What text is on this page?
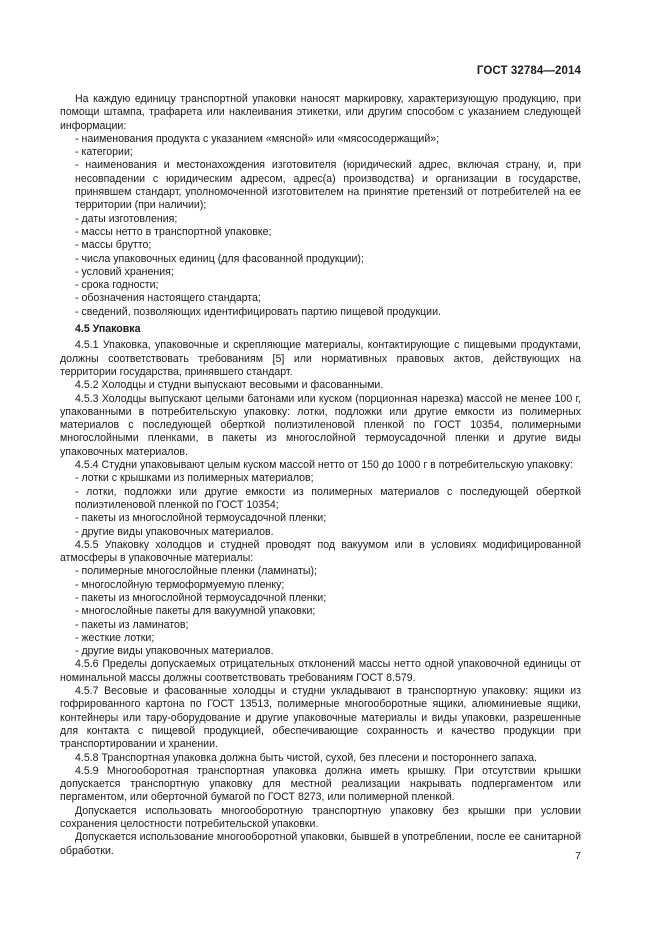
ГОСТ 32784—2014

На каждую единицу транспортной упаковки наносят маркировку, характеризующую продукцию, при помощи штампа, трафарета или наклеивания этикетки, или другим способом с указанием следующей информации:

- наименования продукта с указанием «мясной» или «мясосодержащий»;

- категории;

- наименования и местонахождения изготовителя (юридический адрес, включая страну, и, при несовпадении с юридическим адресом, адрес(а) производства) и организации в государстве, принявшем стандарт, уполномоченной изготовителем на принятие претензий от потребителей на ее территории (при наличии);

- даты изготовления;

- массы нетто в транспортной упаковке;

- массы брутто;

- числа упаковочных единиц (для фасованной продукции);

- условий хранения;

- срока годности;

- обозначения настоящего стандарта;

- сведений, позволяющих идентифицировать партию пищевой продукции.

4.5 Упаковка

4.5.1 Упаковка, упаковочные и скрепляющие материалы, контактирующие с пищевыми продуктами, должны соответствовать требованиям [5] или нормативных правовых актов, действующих на территории государства, принявшего стандарт.

4.5.2 Холодцы и студни выпускают весовыми и фасованными.

4.5.3 Холодцы выпускают целыми батонами или куском (порционная нарезка) массой не менее 100 г, упакованными в потребительскую упаковку: лотки, подложки или другие емкости из полимерных материалов с последующей оберткой полиэтиленовой пленкой по ГОСТ 10354, полимерными многослойными пленками, в пакеты из многослойной термоусадочной пленки и другие виды упаковочных материалов.

4.5.4 Студни упаковывают целым куском массой нетто от 150 до 1000 г в потребительскую упаковку:

- лотки с крышками из полимерных материалов;

- лотки, подложки или другие емкости из полимерных материалов с последующей оберткой полиэтиленовой пленкой по ГОСТ 10354;

- пакеты из многослойной термоусадочной пленки;

- другие виды упаковочных материалов.

4.5.5 Упаковку холодцов и студней проводят под вакуумом или в условиях модифицированной атмосферы в упаковочные материалы:

- полимерные многослойные пленки (ламинаты);

- многослойную термоформуемую пленку;

- пакеты из многослойной термоусадочной пленки;

- многослойные пакеты для вакуумной упаковки;

- пакеты из ламинатов;

- жесткие лотки;

- другие виды упаковочных материалов.

4.5.6 Пределы допускаемых отрицательных отклонений массы нетто одной упаковочной единицы от номинальной массы должны соответствовать требованиям ГОСТ 8.579.

4.5.7 Весовые и фасованные холодцы и студни укладывают в транспортную упаковку: ящики из гофрированного картона по ГОСТ 13513, полимерные многооборотные ящики, алюминиевые ящики, контейнеры или тару-оборудование и другие упаковочные материалы и виды упаковки, разрешенные для контакта с пищевой продукцией, обеспечивающие сохранность и качество продукции при транспортировании и хранении.

4.5.8 Транспортная упаковка должна быть чистой, сухой, без плесени и постороннего запаха.

4.5.9 Многооборотная транспортная упаковка должна иметь крышку. При отсутствии крышки допускается транспортную упаковку для местной реализации накрывать подпергаментом или пергаментом, или оберточной бумагой по ГОСТ 8273, или полимерной пленкой.

Допускается использовать многооборотную транспортную упаковку без крышки при условии сохранения целостности потребительской упаковки.

Допускается использование многооборотной упаковки, бывшей в употреблении, после ее санитарной обработки.	7
